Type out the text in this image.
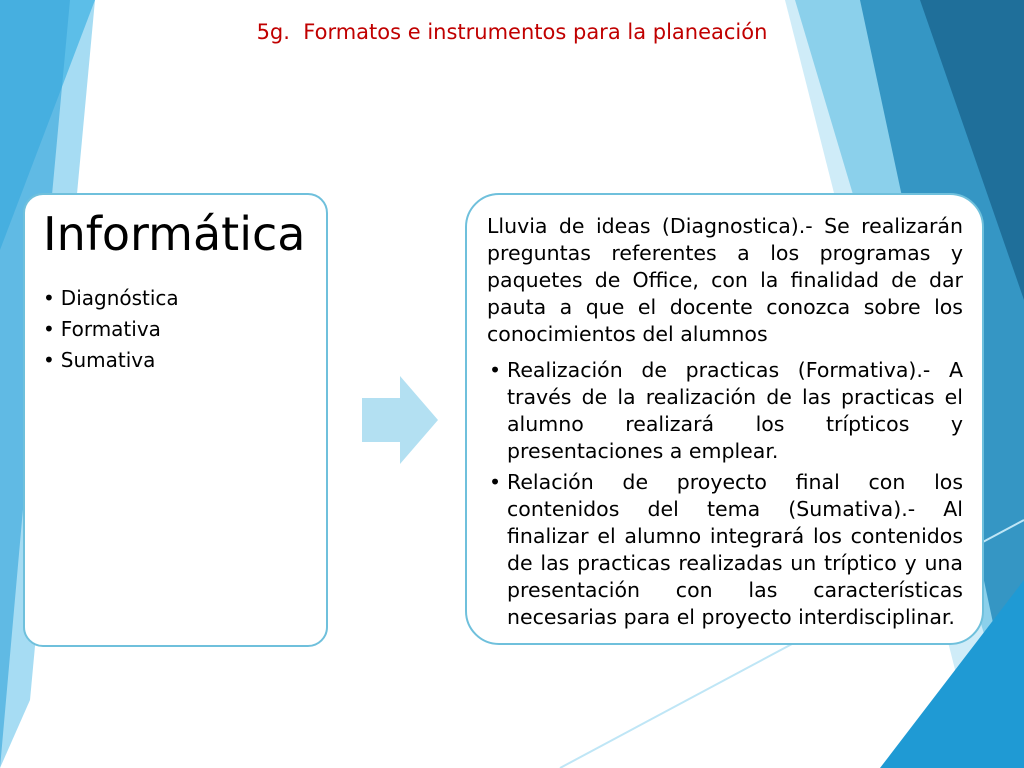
5g.  Formatos e instrumentos para la planeación
Informática
• Diagnóstica
• Formativa
• Sumativa

Lluvia de ideas (Diagnostica).- Se realizarán preguntas referentes a los programas y paquetes de Office, con la finalidad de dar pauta a que el docente conozca sobre los conocimientos del alumnos

• Realización de practicas (Formativa).- A través de la realización de las practicas el alumno realizará los trípticos y presentaciones a emplear.
• Relación de proyecto final con los contenidos del tema (Sumativa).- Al finalizar el alumno integrará los contenidos de las practicas realizadas un tríptico y una presentación con las características necesarias para el proyecto interdisciplinar.
